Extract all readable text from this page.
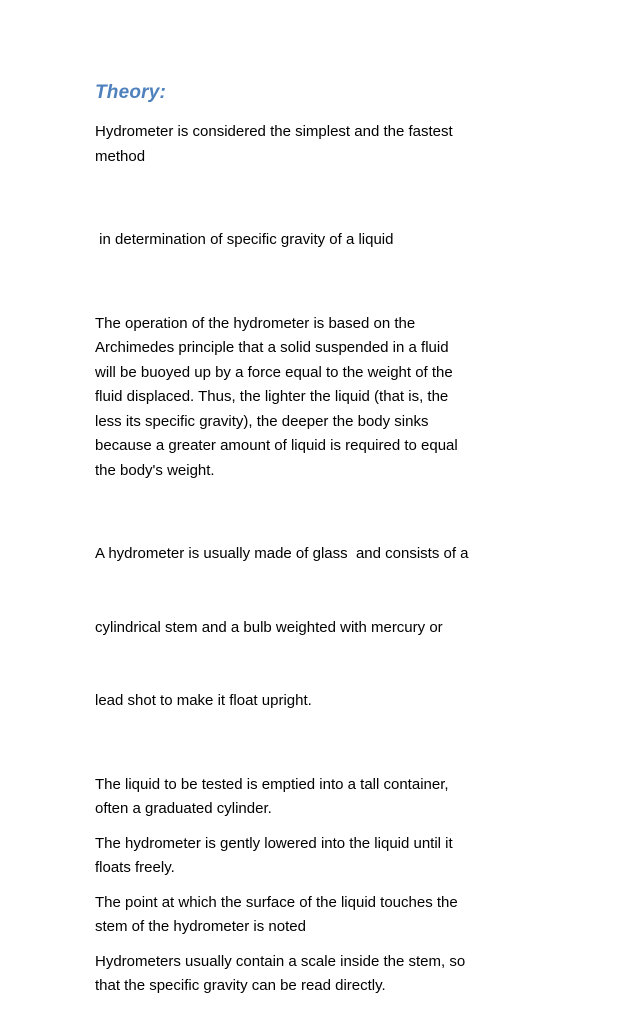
Theory:

Hydrometer is considered the simplest and the fastest
method

in determination of specific gravity of a liquid

The operation of the hydrometer is based on the
Archimedes principle that a solid suspended in a fluid
will be buoyed up by a force equal to the weight of the
fluid displaced. Thus, the lighter the liquid (that is, the
less its specific gravity), the deeper the body sinks
because a greater amount of liquid is required to equal
the body's weight.

A hydrometer is usually made of glass  and consists of a

cylindrical stem and a bulb weighted with mercury or

lead shot to make it float upright.

The liquid to be tested is emptied into a tall container,
often a graduated cylinder.

The hydrometer is gently lowered into the liquid until it
floats freely.

The point at which the surface of the liquid touches the
stem of the hydrometer is noted

Hydrometers usually contain a scale inside the stem, so
that the specific gravity can be read directly.
